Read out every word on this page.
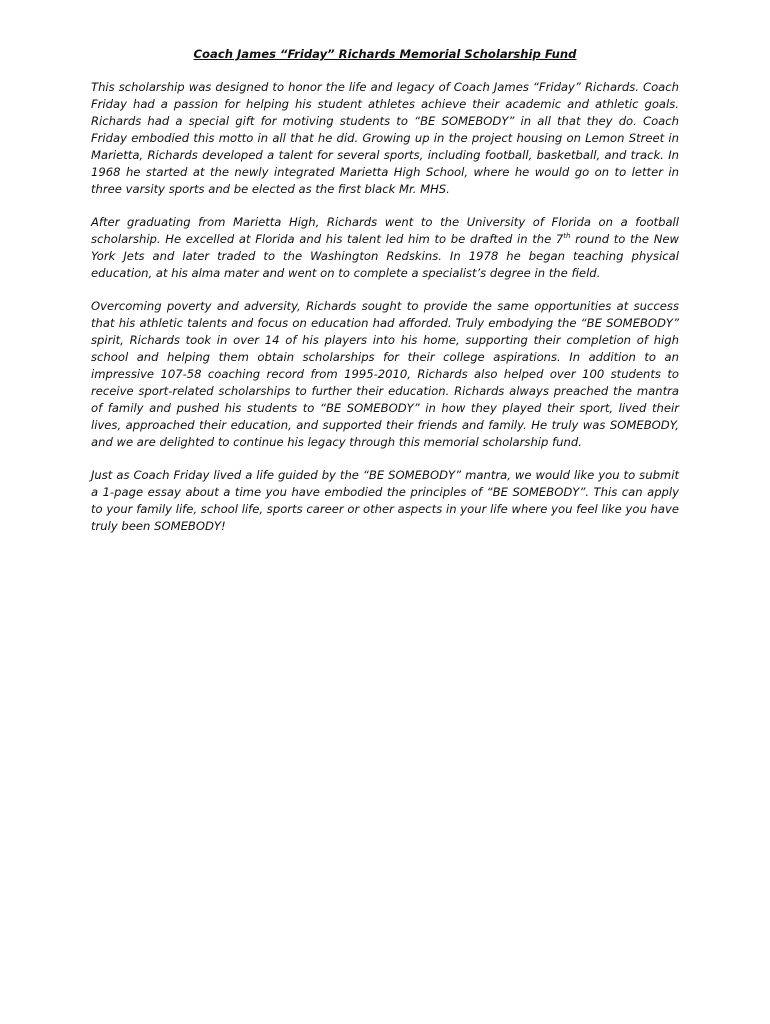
Coach James “Friday” Richards Memorial Scholarship Fund

This scholarship was designed to honor the life and legacy of Coach James “Friday” Richards. Coach Friday had a passion for helping his student athletes achieve their academic and athletic goals. Richards had a special gift for motiving students to “BE SOMEBODY” in all that they do. Coach Friday embodied this motto in all that he did. Growing up in the project housing on Lemon Street in Marietta, Richards developed a talent for several sports, including football, basketball, and track. In 1968 he started at the newly integrated Marietta High School, where he would go on to letter in three varsity sports and be elected as the first black Mr. MHS.

After graduating from Marietta High, Richards went to the University of Florida on a football scholarship. He excelled at Florida and his talent led him to be drafted in the 7th round to the New York Jets and later traded to the Washington Redskins. In 1978 he began teaching physical education, at his alma mater and went on to complete a specialist’s degree in the field.

Overcoming poverty and adversity, Richards sought to provide the same opportunities at success that his athletic talents and focus on education had afforded. Truly embodying the “BE SOMEBODY” spirit, Richards took in over 14 of his players into his home, supporting their completion of high school and helping them obtain scholarships for their college aspirations. In addition to an impressive 107-58 coaching record from 1995-2010, Richards also helped over 100 students to receive sport-related scholarships to further their education. Richards always preached the mantra of family and pushed his students to “BE SOMEBODY” in how they played their sport, lived their lives, approached their education, and supported their friends and family. He truly was SOMEBODY, and we are delighted to continue his legacy through this memorial scholarship fund.

Just as Coach Friday lived a life guided by the “BE SOMEBODY” mantra, we would like you to submit a 1-page essay about a time you have embodied the principles of “BE SOMEBODY”. This can apply to your family life, school life, sports career or other aspects in your life where you feel like you have truly been SOMEBODY!
